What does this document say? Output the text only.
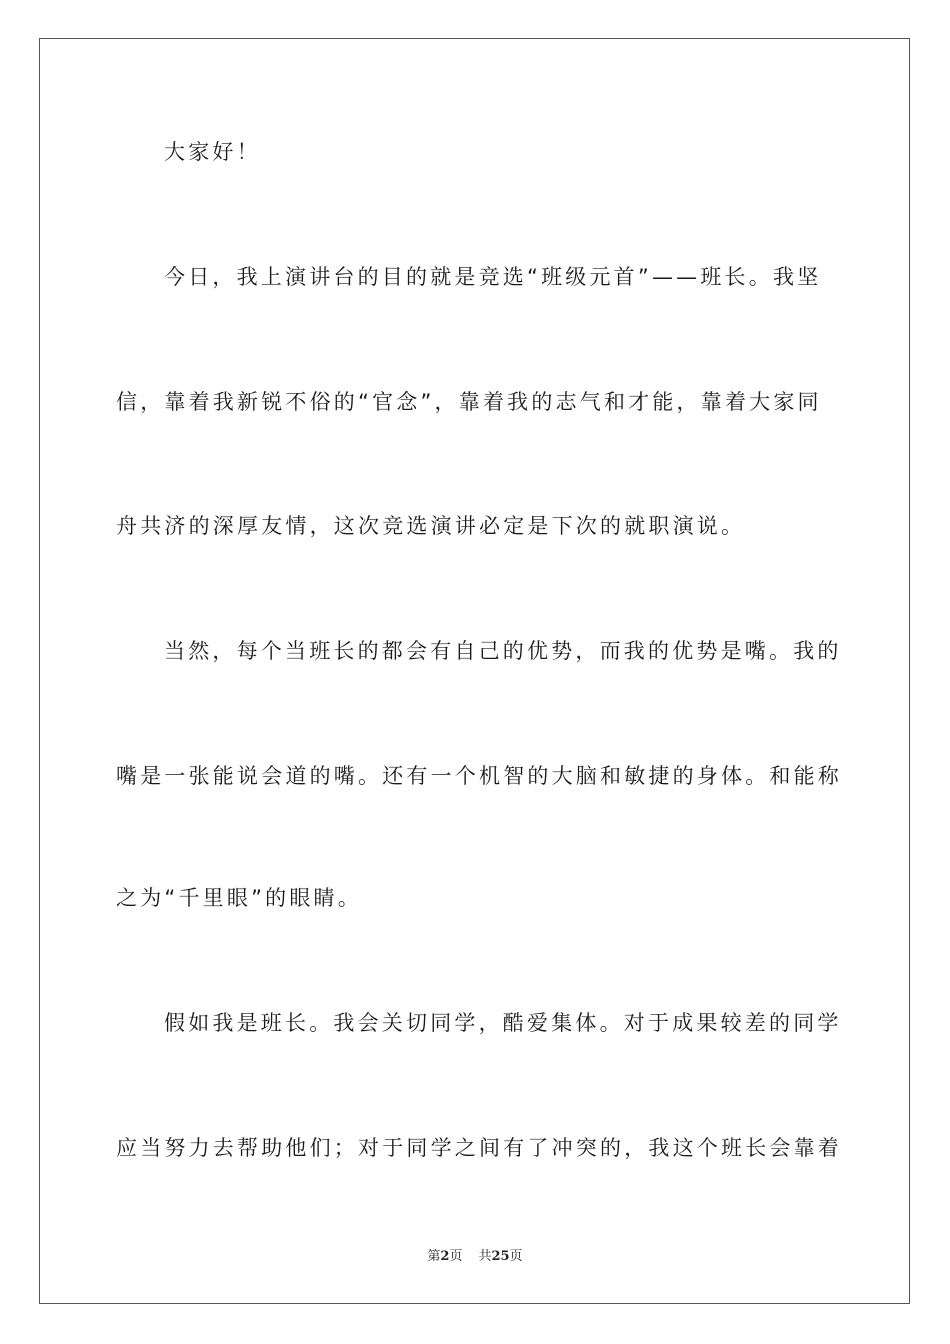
大家好！
今日，我上演讲台的目的就是竞选“班级元首”——班长。我坚
信，靠着我新锐不俗的“官念”，靠着我的志气和才能，靠着大家同
舟共济的深厚友情，这次竞选演讲必定是下次的就职演说。
当然，每个当班长的都会有自己的优势，而我的优势是嘴。我的
嘴是一张能说会道的嘴。还有一个机智的大脑和敏捷的身体。和能称
之为“千里眼”的眼睛。
假如我是班长。我会关切同学，酷爱集体。对于成果较差的同学
应当努力去帮助他们；对于同学之间有了冲突的，我这个班长会靠着
第2页 共25页
